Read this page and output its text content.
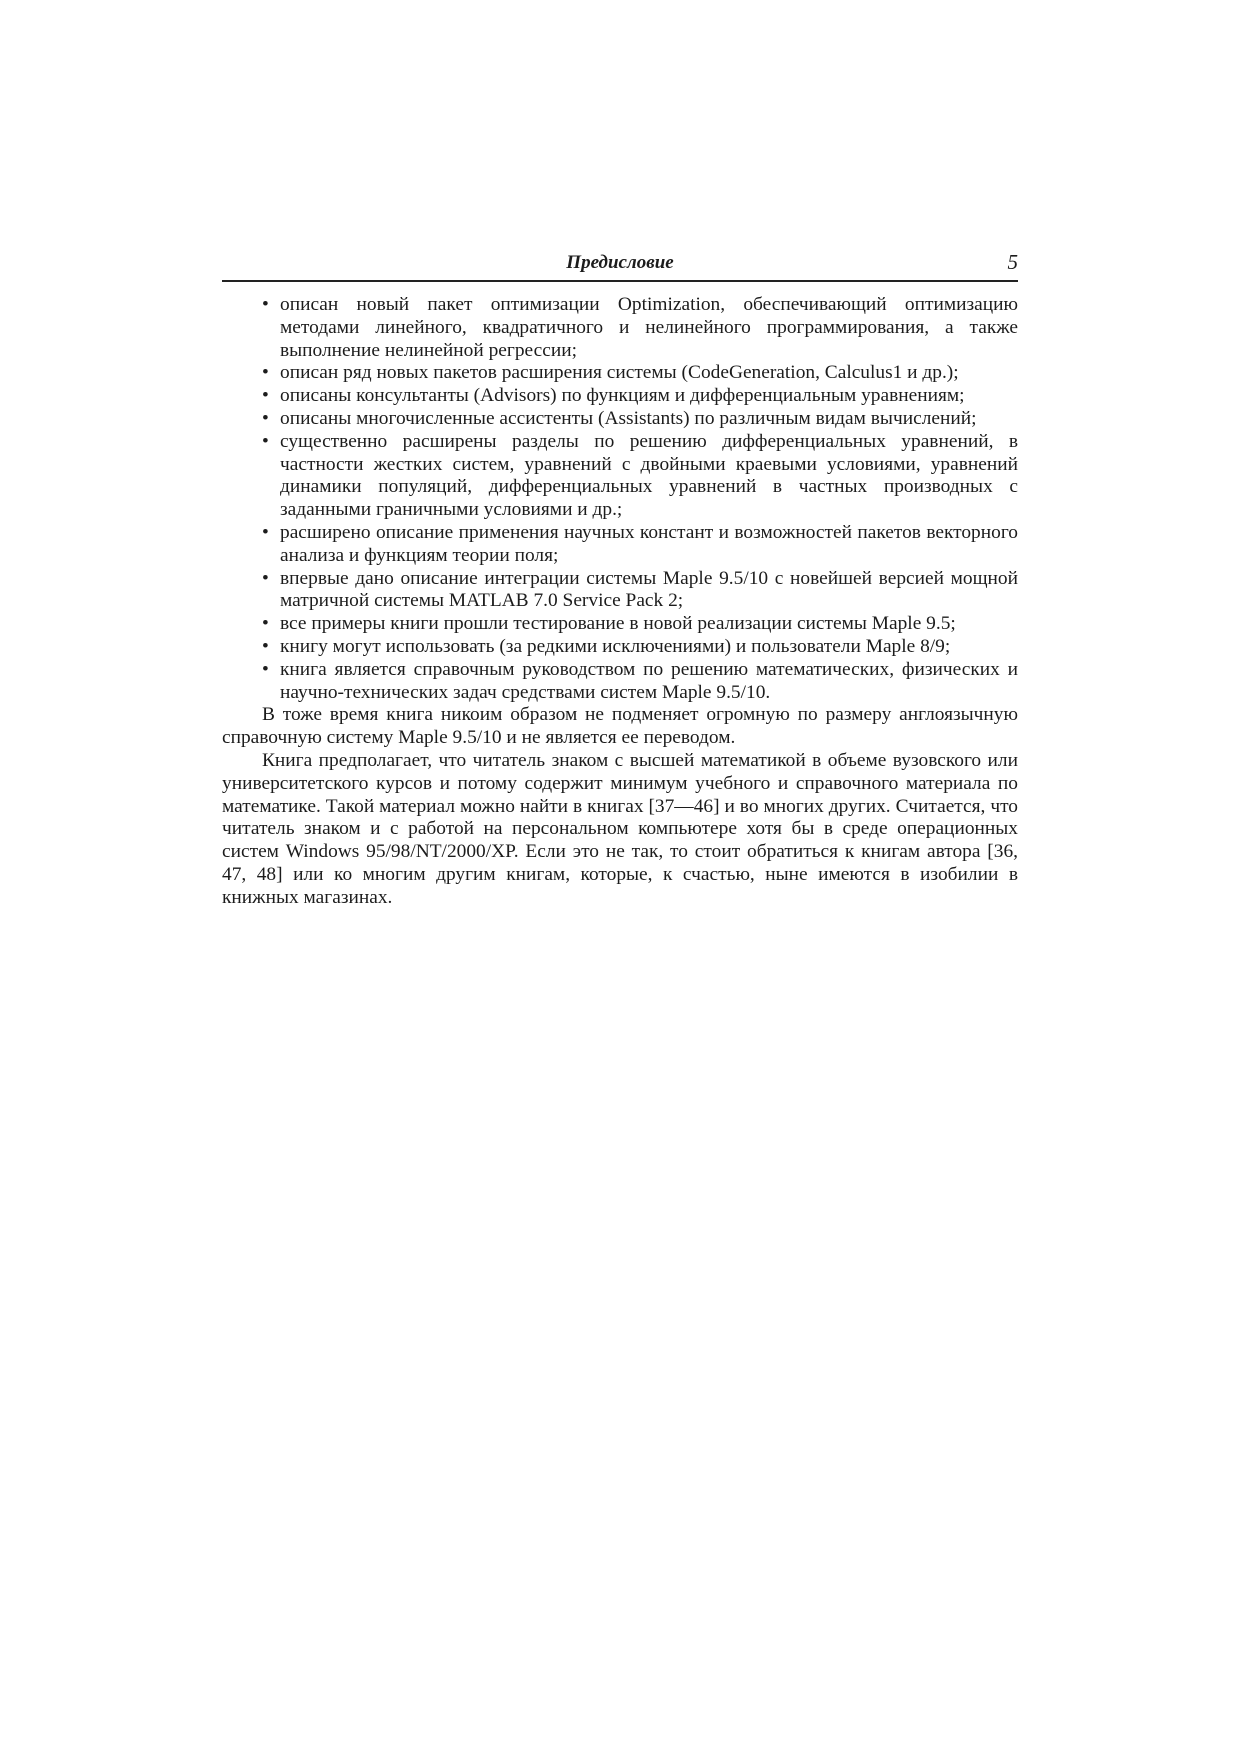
Предисловие	5
• описан новый пакет оптимизации Optimization, обеспечивающий оптимизацию методами линейного, квадратичного и нелинейного программирования, а также выполнение нелинейной регрессии;
• описан ряд новых пакетов расширения системы (CodeGeneration, Calculus1 и др.);
• описаны консультанты (Advisors) по функциям и дифференциальным уравнениям;
• описаны многочисленные ассистенты (Assistants) по различным видам вычислений;
• существенно расширены разделы по решению дифференциальных уравнений, в частности жестких систем, уравнений с двойными краевыми условиями, уравнений динамики популяций, дифференциальных уравнений в частных производных с заданными граничными условиями и др.;
• расширено описание применения научных констант и возможностей пакетов векторного анализа и функциям теории поля;
• впервые дано описание интеграции системы Maple 9.5/10 с новейшей версией мощной матричной системы MATLAB 7.0 Service Pack 2;
• все примеры книги прошли тестирование в новой реализации системы Maple 9.5;
• книгу могут использовать (за редкими исключениями) и пользователи Maple 8/9;
• книга является справочным руководством по решению математических, физических и научно-технических задач средствами систем Maple 9.5/10.

В тоже время книга никоим образом не подменяет огромную по размеру англоязычную справочную систему Maple 9.5/10 и не является ее переводом.

Книга предполагает, что читатель знаком с высшей математикой в объеме вузовского или университетского курсов и потому содержит минимум учебного и справочного материала по математике. Такой материал можно найти в книгах [37—46] и во многих других. Считается, что читатель знаком и с работой на персональном компьютере хотя бы в среде операционных систем Windows 95/98/NT/2000/XP. Если это не так, то стоит обратиться к книгам автора [36, 47, 48] или ко многим другим книгам, которые, к счастью, ныне имеются в изобилии в книжных магазинах.
